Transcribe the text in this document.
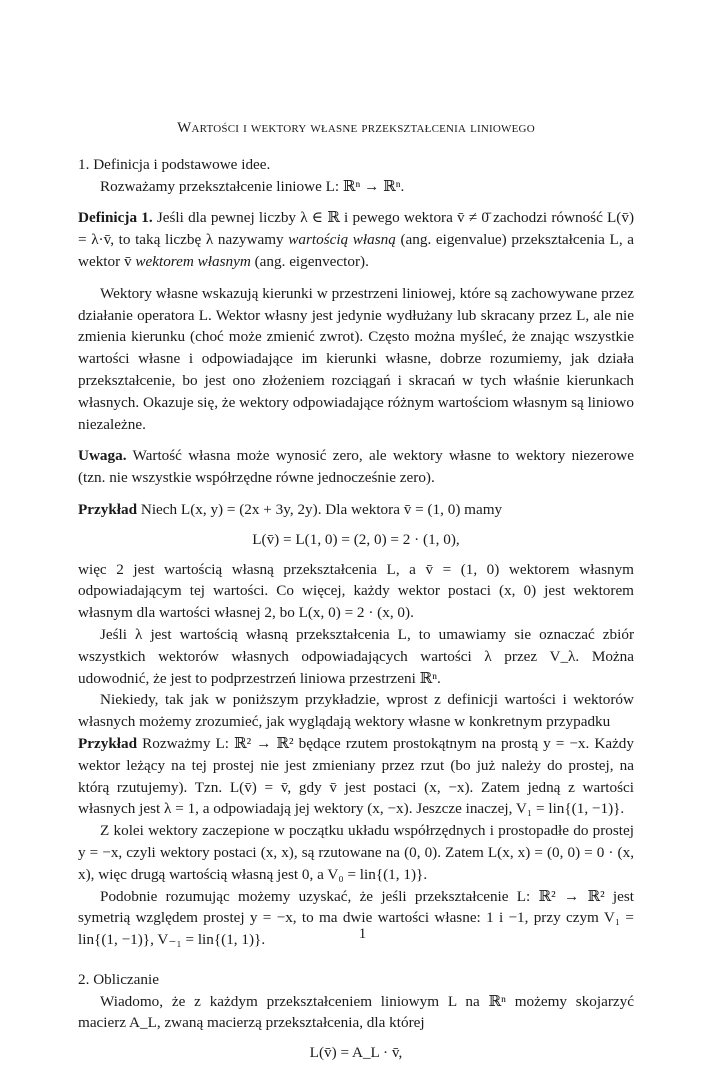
Wartości i wektory własne przekształcenia liniowego

1. Definicja i podstawowe idee.

Rozważamy przekształcenie liniowe L: ℝⁿ → ℝⁿ.

Definicja 1. Jeśli dla pewnej liczby λ ∈ ℝ i pewego wektora v̄ ≠ 0̄ zachodzi równość L(v̄) = λ·v̄, to taką liczbę λ nazywamy wartością własną (ang. eigenvalue) przekształcenia L, a wektor v̄ wektorem własnym (ang. eigenvector).

Wektory własne wskazują kierunki w przestrzeni liniowej, które są zachowywane przez działanie operatora L. Wektor własny jest jedynie wydłużany lub skracany przez L, ale nie zmienia kierunku (choć może zmienić zwrot). Często można myśleć, że znając wszystkie wartości własne i odpowiadające im kierunki własne, dobrze rozumiemy, jak działa przekształcenie, bo jest ono złożeniem rozciągań i skracań w tych właśnie kierunkach własnych. Okazuje się, że wektory odpowiadające różnym wartościom własnym są liniowo niezależne.

Uwaga. Wartość własna może wynosić zero, ale wektory własne to wektory niezerowe (tzn. nie wszystkie współrzędne równe jednocześnie zero).

Przykład Niech L(x, y) = (2x + 3y, 2y). Dla wektora v̄ = (1, 0) mamy

L(v̄) = L(1, 0) = (2, 0) = 2 · (1, 0),

więc 2 jest wartością własną przekształcenia L, a v̄ = (1, 0) wektorem własnym odpowiadającym tej wartości. Co więcej, każdy wektor postaci (x, 0) jest wektorem własnym dla wartości własnej 2, bo L(x, 0) = 2 · (x, 0).

Jeśli λ jest wartością własną przekształcenia L, to umawiamy sie oznaczać zbiór wszystkich wektorów własnych odpowiadających wartości λ przez V_λ. Można udowodnić, że jest to podprzestrzeń liniowa przestrzeni ℝⁿ.

Niekiedy, tak jak w poniższym przykładzie, wprost z definicji wartości i wektorów własnych możemy zrozumieć, jak wyglądają wektory własne w konkretnym przypadku

Przykład Rozważmy L: ℝ² → ℝ² będące rzutem prostokątnym na prostą y = −x. Każdy wektor leżący na tej prostej nie jest zmieniany przez rzut (bo już należy do prostej, na którą rzutujemy). Tzn. L(v̄) = v̄, gdy v̄ jest postaci (x, −x). Zatem jedną z wartości własnych jest λ = 1, a odpowiadają jej wektory (x, −x). Jeszcze inaczej, V₁ = lin{(1, −1)}.

Z kolei wektory zaczepione w początku układu współrzędnych i prostopadłe do prostej y = −x, czyli wektory postaci (x, x), są rzutowane na (0, 0). Zatem L(x, x) = (0, 0) = 0 · (x, x), więc drugą wartością własną jest 0, a V₀ = lin{(1, 1)}.

Podobnie rozumując możemy uzyskać, że jeśli przekształcenie L: ℝ² → ℝ² jest symetrią względem prostej y = −x, to ma dwie wartości własne: 1 i −1, przy czym V₁ = lin{(1, −1)}, V₋₁ = lin{(1, 1)}.

2. Obliczanie

Wiadomo, że z każdym przekształceniem liniowym L na ℝⁿ możemy skojarzyć macierz A_L, zwaną macierzą przekształcenia, dla której

L(v̄) = A_L · v̄,
1
